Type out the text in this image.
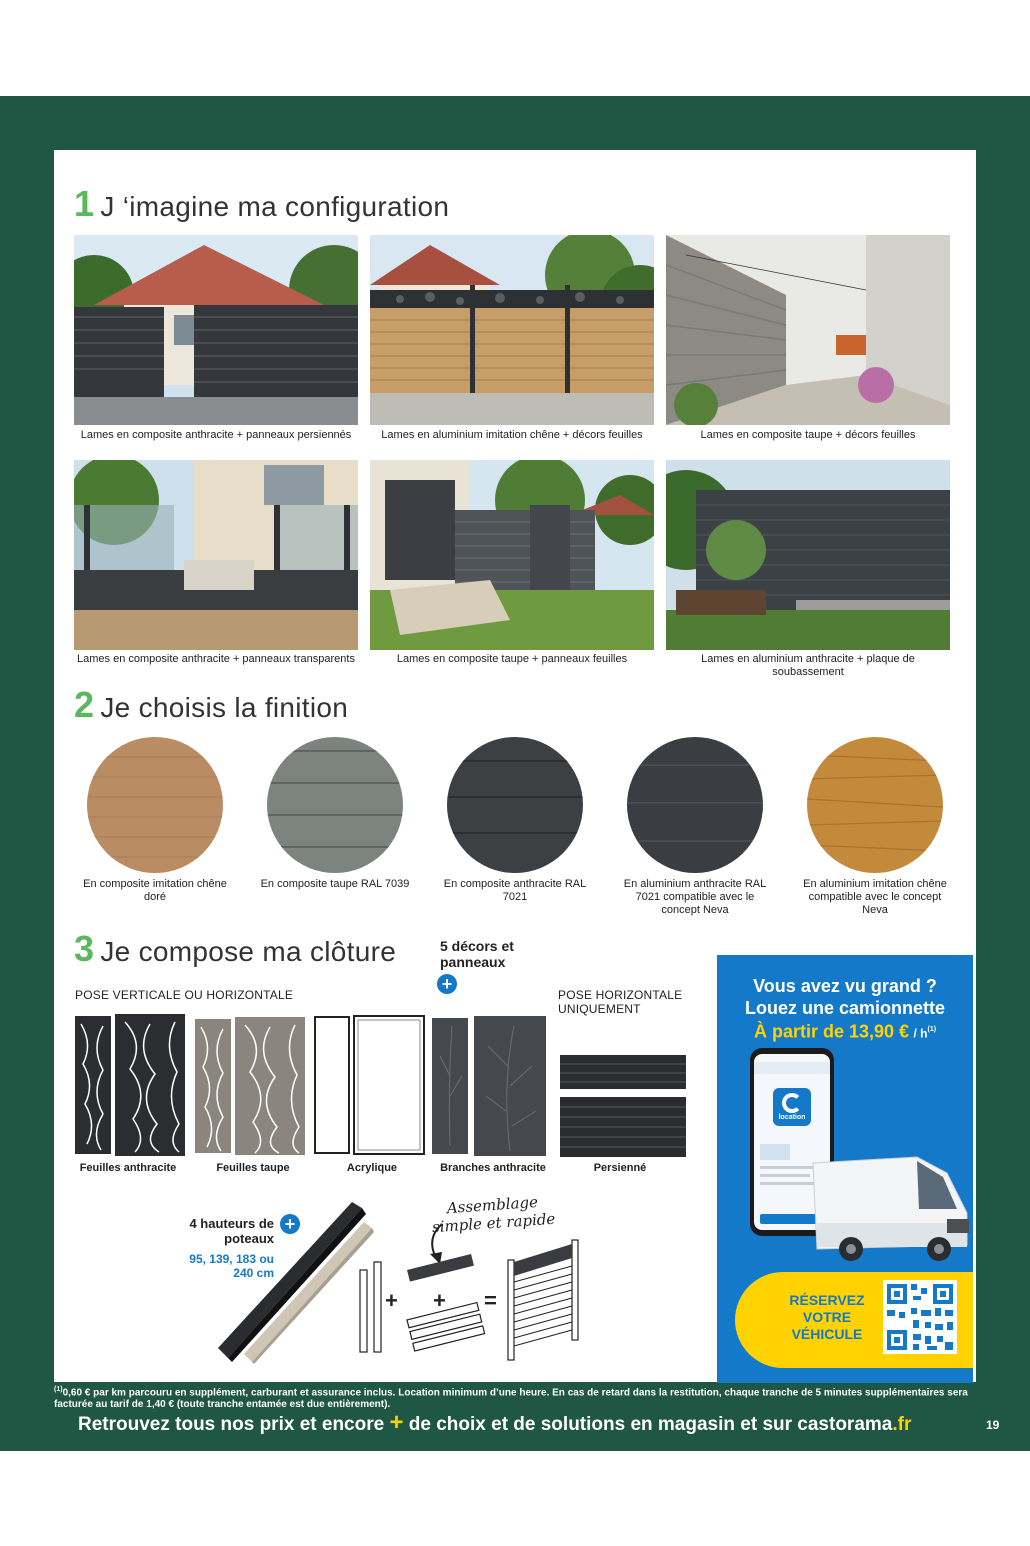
1 J ‘imagine ma configuration
Lames en composite anthracite + panneaux persiennés	Lames en aluminium imitation chêne + décors feuilles	Lames en composite taupe + décors feuilles
Lames en composite anthracite + panneaux transparents	Lames en composite taupe + panneaux feuilles	Lames en aluminium anthracite + plaque de soubassement
2 Je choisis la finition
En composite imitation chêne doré
En composite taupe RAL 7039	En composite anthracite RAL 7021
En aluminium anthracite RAL 7021 compatible avec le concept Neva
En aluminium imitation chêne compatible avec le concept Neva
3 Je compose ma clôture	5 décors et panneaux
+
POSE VERTICALE OU HORIZONTALE	POSE HORIZONTALE UNIQUEMENT
Feuilles anthracite	Feuilles taupe	Acrylique	Branches anthracite	Persienné
4 hauteurs de poteaux
+
95, 139, 183 ou 240 cm
Assemblage simple et rapide
+ + =
Vous avez vu grand ?
Louez une camionnette
À partir de 13,90 € / $h^{(1)}$
location
RÉSERVEZ VOTRE VÉHICULE
$^{(1)}$0,60 € par km parcouru en supplément, carburant et assurance inclus. Location minimum d’une heure. En cas de retard dans la restitution, chaque tranche de 5 minutes supplémentaires sera facturée au tarif de 1,40 € (toute tranche entamée est due entièrement).
Retrouvez tous nos prix et encore + de choix et de solutions en magasin et sur castorama.fr	19
